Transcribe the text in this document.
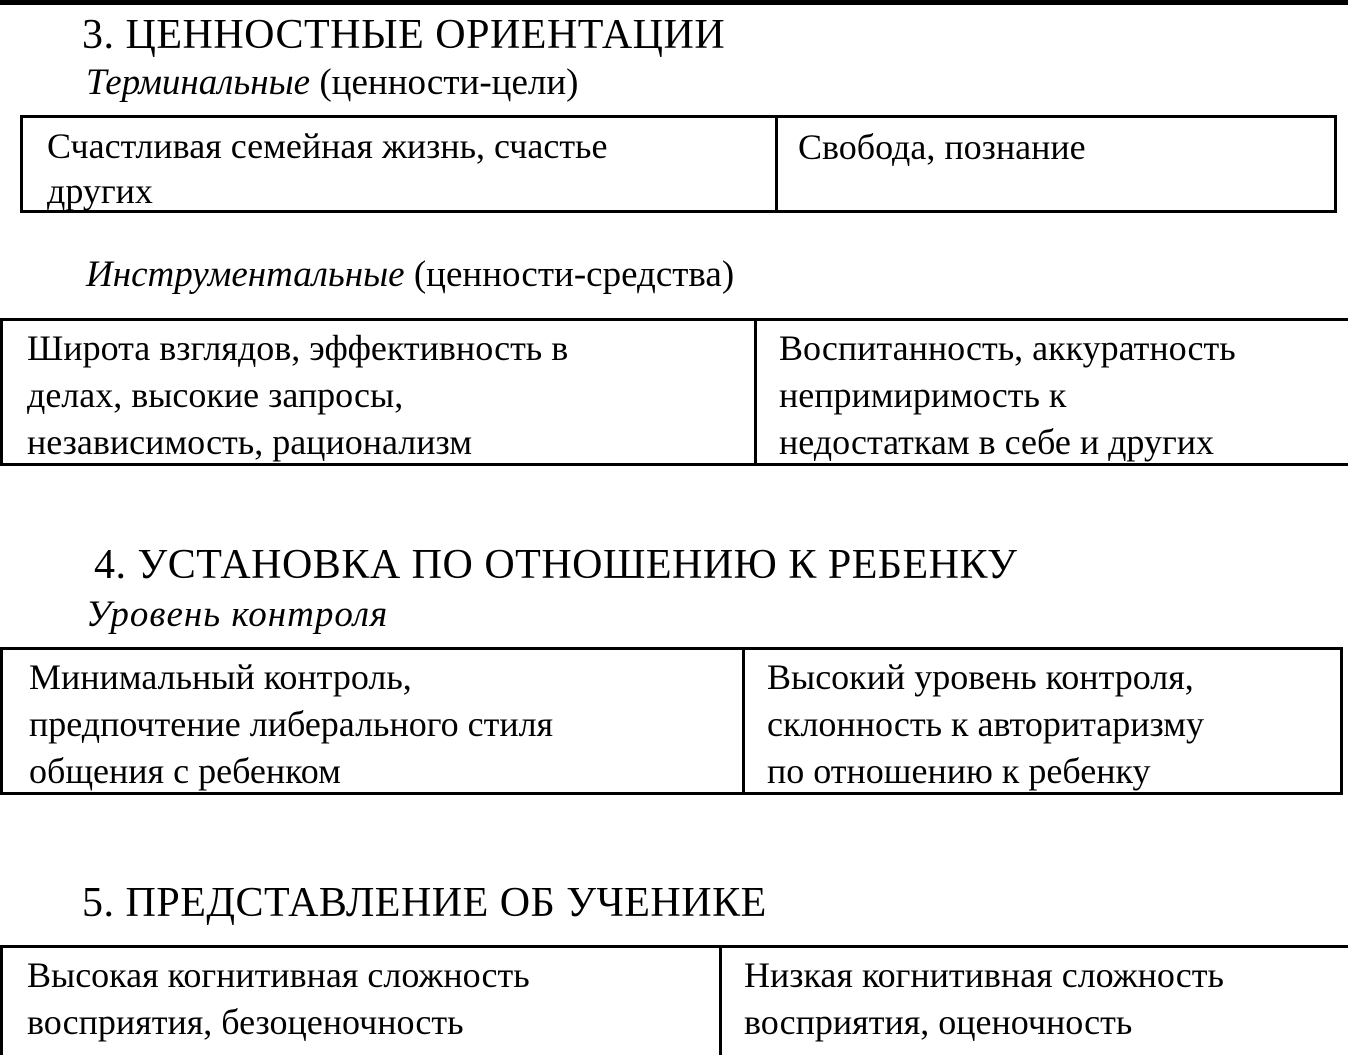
3. ЦЕННОСТНЫЕ ОРИЕНТАЦИИ
Терминальные (ценности-цели)
Счастливая семейная жизнь, счастье
других
Свобода, познание
Инструментальные (ценности-средства)
Широта взглядов, эффективность в
делах, высокие запросы,
независимость, рационализм
Воспитанность, аккуратность
непримиримость к
недостаткам в себе и других
4. УСТАНОВКА ПО ОТНОШЕНИЮ К РЕБЕНКУ
Уровень контроля
Минимальный контроль,
предпочтение либерального стиля
общения с ребенком
Высокий уровень контроля,
склонность к авторитаризму
по отношению к ребенку
5. ПРЕДСТАВЛЕНИЕ ОБ УЧЕНИКЕ
Высокая когнитивная сложность
восприятия, безоценочность
Низкая когнитивная сложность
восприятия, оценочность
